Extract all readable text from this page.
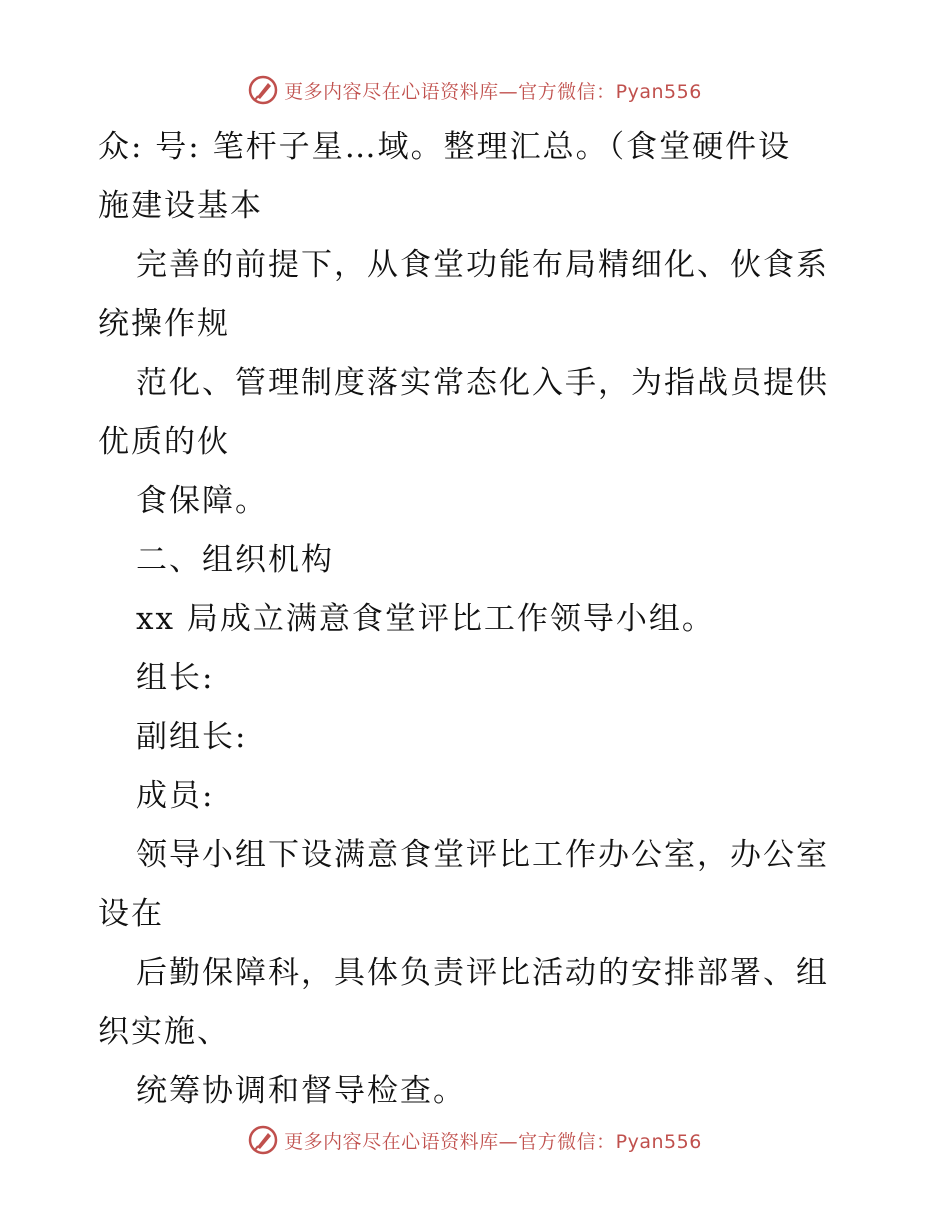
更多内容尽在心语资料库—官方微信：Pyan556
众: 号: 笔杆子星…域。整理汇总。（食堂硬件设
施建设基本
完善的前提下，从食堂功能布局精细化、伙食系
统操作规
范化、管理制度落实常态化入手，为指战员提供
优质的伙
食保障。
二、组织机构
xx 局成立满意食堂评比工作领导小组。
组长:
副组长:
成员:
领导小组下设满意食堂评比工作办公室，办公室
设在
后勤保障科，具体负责评比活动的安排部署、组
织实施、
统筹协调和督导检查。
更多内容尽在心语资料库—官方微信：Pyan556
